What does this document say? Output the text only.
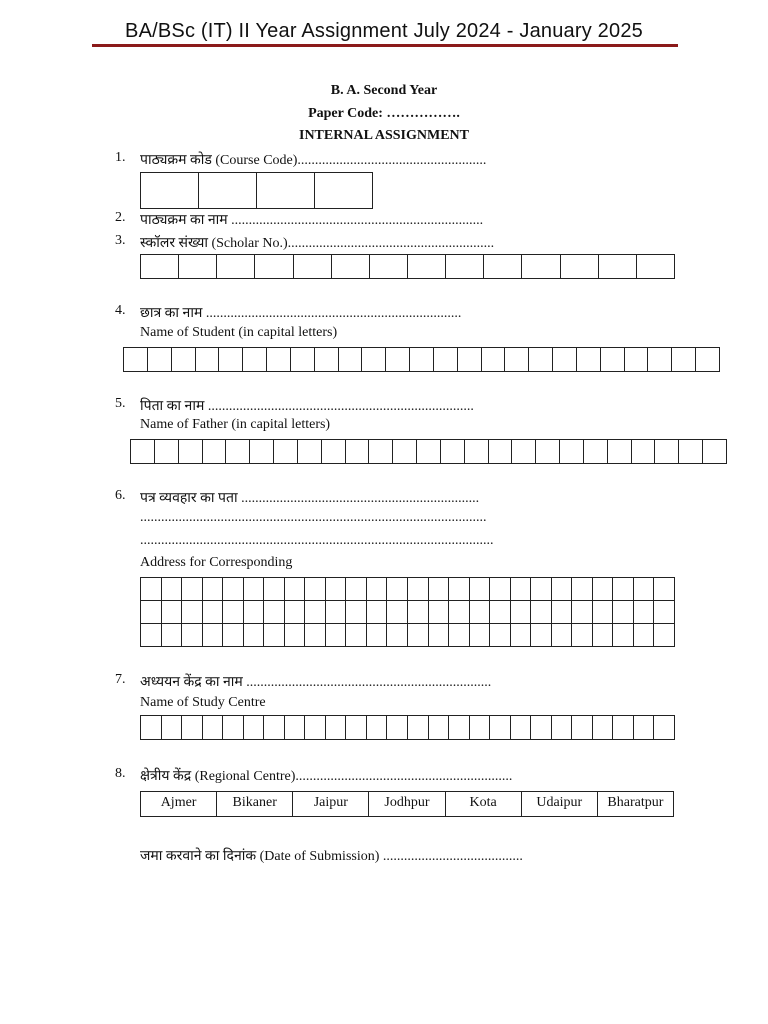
BA/BSc (IT) II Year Assignment July 2024 - January 2025
B. A. Second Year
Paper Code: …………….
INTERNAL ASSIGNMENT
1. पाठ्यक्रम कोड (Course Code)......................................................
2. पाठ्यक्रम का नाम ........................................................................
3. स्कॉलर संख्या (Scholar No.)...........................................................
4. छात्र का नाम .........................................................................
Name of Student (in capital letters)
5. पिता का नाम ............................................................................
Name of Father (in capital letters)
6. पत्र व्यवहार का पता ....................................................................
...................................................................................................
.....................................................................................................
Address for Corresponding
7. अध्ययन केंद्र का नाम ......................................................................
Name of Study Centre
8. क्षेत्रीय केंद्र (Regional Centre)..............................................................
Ajmer	Bikaner	Jaipur	Jodhpur	Kota	Udaipur	Bharatpur
जमा करवाने का दिनांक (Date of Submission) ........................................
